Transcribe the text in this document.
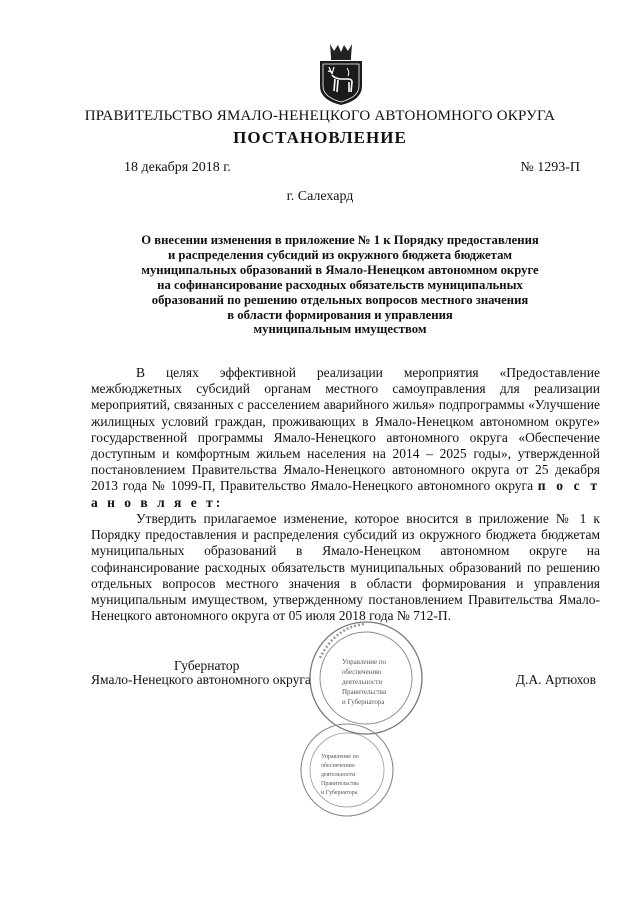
ПРАВИТЕЛЬСТВО ЯМАЛО-НЕНЕЦКОГО АВТОНОМНОГО ОКРУГА
ПОСТАНОВЛЕНИЕ
18 декабря 2018 г.	№ 1293-П
г. Салехард
О внесении изменения в приложение № 1 к Порядку предоставления
и распределения субсидий из окружного бюджета бюджетам
муниципальных образований в Ямало-Ненецком автономном округе
на софинансирование расходных обязательств муниципальных
образований по решению отдельных вопросов местного значения
в области формирования и управления
муниципальным имуществом
В целях эффективной реализации мероприятия «Предоставление межбюджетных субсидий органам местного самоуправления для реализации мероприятий, связанных с расселением аварийного жилья» подпрограммы «Улучшение жилищных условий граждан, проживающих в Ямало-Ненецком автономном округе» государственной программы Ямало-Ненецкого автономного округа «Обеспечение доступным и комфортным жильем населения на 2014 – 2025 годы», утвержденной постановлением Правительства Ямало-Ненецкого автономного округа от 25 декабря 2013 года № 1099-П, Правительство Ямало-Ненецкого автономного округа п о с т а н о в л я е т:
Утвердить прилагаемое изменение, которое вносится в приложение № 1 к Порядку предоставления и распределения субсидий из окружного бюджета бюджетам муниципальных образований в Ямало-Ненецком автономном округе на софинансирование расходных обязательств муниципальных образований по решению отдельных вопросов местного значения в области формирования и управления муниципальным имуществом, утвержденному постановлением Правительства Ямало-Ненецкого автономного округа от 05 июля 2018 года № 712-П.
Губернатор
Ямало-Ненецкого автономного округа	Д.А. Артюхов
Управление по
обеспечению
деятельности
Правительства
и Губернатора
Управление по
обеспечению
деятельности
Правительства
и Губернатора
